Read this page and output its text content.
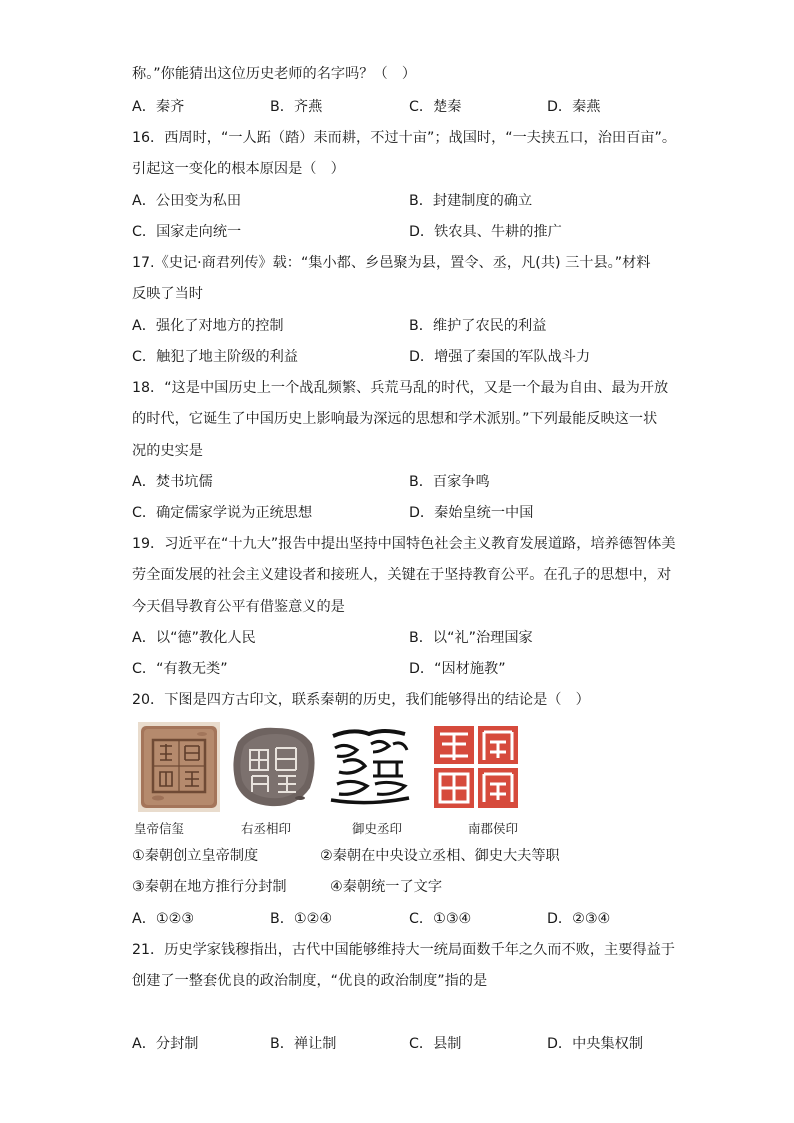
称。”你能猜出这位历史老师的名字吗？（　）
A．秦齐	B．齐燕	C．楚秦	D．秦燕
16．西周时，“一人跖（踏）耒而耕，不过十亩”；战国时，“一夫挟五口，治田百亩”。
引起这一变化的根本原因是（　）
A．公田变为私田	B．封建制度的确立
C．国家走向统一	D．铁农具、牛耕的推广
17.《史记·商君列传》载：“集小都、乡邑聚为县，置令、丞，凡(共) 三十县。”材料
反映了当时
A．强化了对地方的控制	B．维护了农民的利益
C．触犯了地主阶级的利益	D．增强了秦国的军队战斗力
18．“这是中国历史上一个战乱频繁、兵荒马乱的时代，又是一个最为自由、最为开放
的时代，它诞生了中国历史上影响最为深远的思想和学术派别。”下列最能反映这一状
况的史实是
A．焚书坑儒	B．百家争鸣
C．确定儒家学说为正统思想	D．秦始皇统一中国
19．习近平在“十九大”报告中提出坚持中国特色社会主义教育发展道路，培养德智体美
劳全面发展的社会主义建设者和接班人，关键在于坚持教育公平。在孔子的思想中，对
今天倡导教育公平有借鉴意义的是
A．以“德”教化人民	B．以“礼”治理国家
C．“有教无类”	D．“因材施教”
20．下图是四方古印文，联系秦朝的历史，我们能够得出的结论是（　）
皇帝信玺	右丞相印	御史丞印	南郡侯印
①秦朝创立皇帝制度	②秦朝在中央设立丞相、御史大夫等职
③秦朝在地方推行分封制	④秦朝统一了文字
A．①②③	B．①②④	C．①③④	D．②③④
21．历史学家钱穆指出，古代中国能够维持大一统局面数千年之久而不败，主要得益于
创建了一整套优良的政治制度，“优良的政治制度”指的是
A．分封制	B．禅让制	C．县制	D．中央集权制
